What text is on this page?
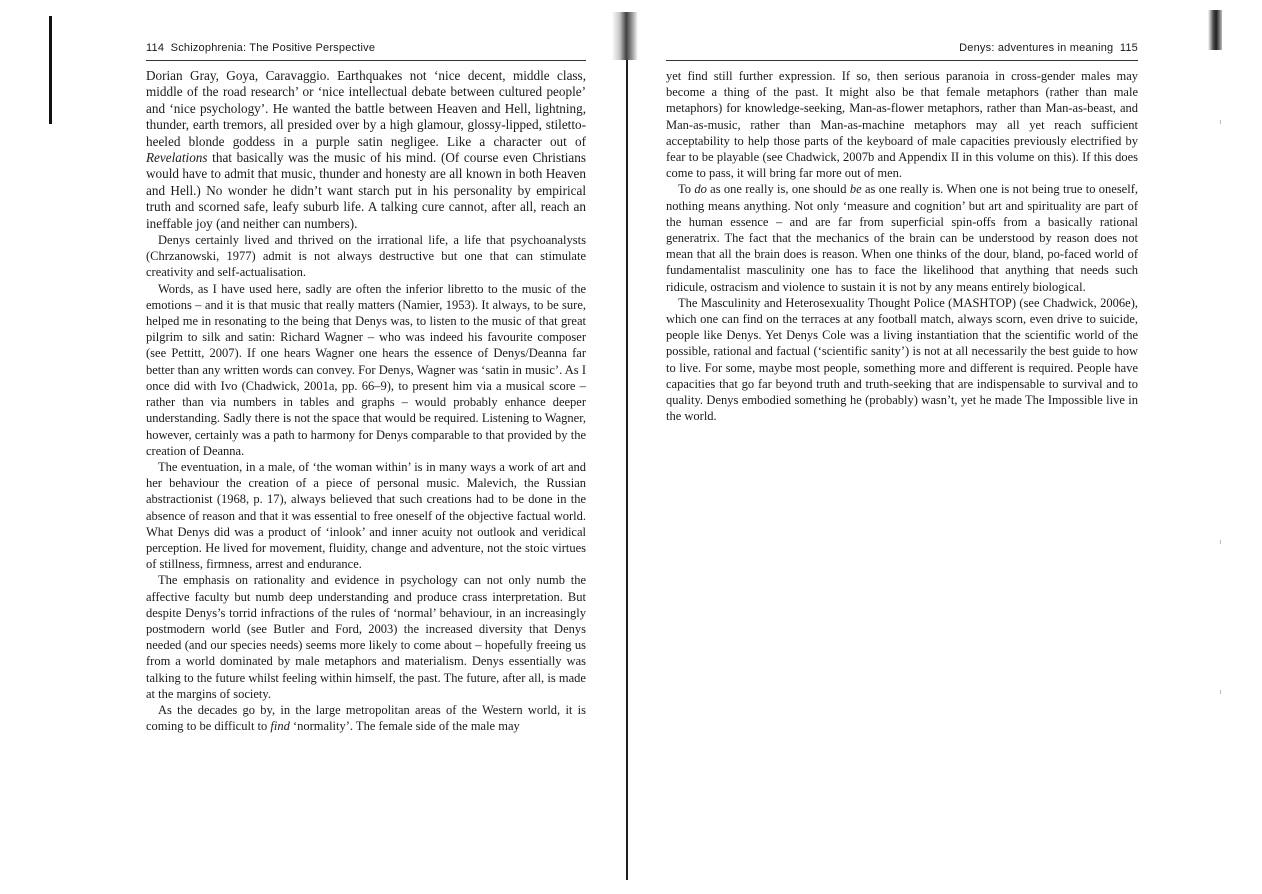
114 Schizophrenia: The Positive Perspective

Dorian Gray, Goya, Caravaggio. Earthquakes not ‘nice decent, middle class, middle of the road research’ or ‘nice intellectual debate between cultured people’ and ‘nice psychology’. He wanted the battle between Heaven and Hell, lightning, thunder, earth tremors, all presided over by a high glamour, glossy-lipped, stiletto-heeled blonde goddess in a purple satin negligee. Like a character out of Revelations that basically was the music of his mind. (Of course even Christians would have to admit that music, thunder and honesty are all known in both Heaven and Hell.) No wonder he didn’t want starch put in his personality by empirical truth and scorned safe, leafy suburb life. A talking cure cannot, after all, reach an ineffable joy (and neither can numbers).

Denys certainly lived and thrived on the irrational life, a life that psychoanalysts (Chrzanowski, 1977) admit is not always destructive but one that can stimulate creativity and self-actualisation.

Words, as I have used here, sadly are often the inferior libretto to the music of the emotions – and it is that music that really matters (Namier, 1953). It always, to be sure, helped me in resonating to the being that Denys was, to listen to the music of that great pilgrim to silk and satin: Richard Wagner – who was indeed his favourite composer (see Pettitt, 2007). If one hears Wagner one hears the essence of Denys/Deanna far better than any written words can convey. For Denys, Wagner was ‘satin in music’. As I once did with Ivo (Chadwick, 2001a, pp. 66–9), to present him via a musical score – rather than via numbers in tables and graphs – would probably enhance deeper understanding. Sadly there is not the space that would be required. Listening to Wagner, however, certainly was a path to harmony for Denys comparable to that provided by the creation of Deanna.

The eventuation, in a male, of ‘the woman within’ is in many ways a work of art and her behaviour the creation of a piece of personal music. Malevich, the Russian abstractionist (1968, p. 17), always believed that such creations had to be done in the absence of reason and that it was essential to free oneself of the objective factual world. What Denys did was a product of ‘inlook’ and inner acuity not outlook and veridical perception. He lived for movement, fluidity, change and adventure, not the stoic virtues of stillness, firmness, arrest and endurance.

The emphasis on rationality and evidence in psychology can not only numb the affective faculty but numb deep understanding and produce crass interpretation. But despite Denys’s torrid infractions of the rules of ‘normal’ behaviour, in an increasingly postmodern world (see Butler and Ford, 2003) the increased diversity that Denys needed (and our species needs) seems more likely to come about – hopefully freeing us from a world dominated by male metaphors and materialism. Denys essentially was talking to the future whilst feeling within himself, the past. The future, after all, is made at the margins of society.

As the decades go by, in the large metropolitan areas of the Western world, it is coming to be difficult to find ‘normality’. The female side of the male may

Denys: adventures in meaning 115

yet find still further expression. If so, then serious paranoia in cross-gender males may become a thing of the past. It might also be that female metaphors (rather than male metaphors) for knowledge-seeking, Man-as-flower metaphors, rather than Man-as-beast, and Man-as-music, rather than Man-as-machine metaphors may all yet reach sufficient acceptability to help those parts of the keyboard of male capacities previously electrified by fear to be playable (see Chadwick, 2007b and Appendix II in this volume on this). If this does come to pass, it will bring far more out of men.

To do as one really is, one should be as one really is. When one is not being true to oneself, nothing means anything. Not only ‘measure and cognition’ but art and spirituality are part of the human essence – and are far from superficial spin-offs from a basically rational generatrix. The fact that the mechanics of the brain can be understood by reason does not mean that all the brain does is reason. When one thinks of the dour, bland, po-faced world of fundamentalist masculinity one has to face the likelihood that anything that needs such ridicule, ostracism and violence to sustain it is not by any means entirely biological.

The Masculinity and Heterosexuality Thought Police (MASHTOP) (see Chadwick, 2006e), which one can find on the terraces at any football match, always scorn, even drive to suicide, people like Denys. Yet Denys Cole was a living instantiation that the scientific world of the possible, rational and factual (‘scientific sanity’) is not at all necessarily the best guide to how to live. For some, maybe most people, something more and different is required. People have capacities that go far beyond truth and truth-seeking that are indispensable to survival and to quality. Denys embodied something he (probably) wasn’t, yet he made The Impossible live in the world.
